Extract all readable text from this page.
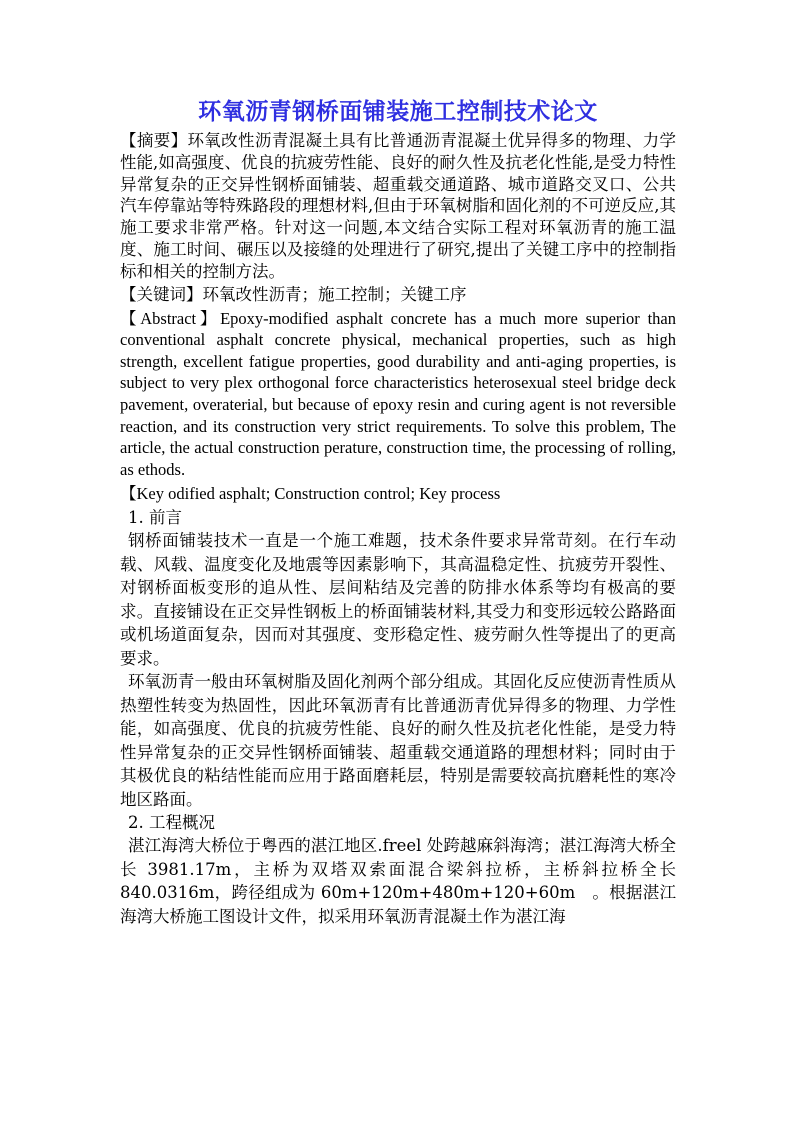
环氧沥青钢桥面铺装施工控制技术论文

【摘要】环氧改性沥青混凝土具有比普通沥青混凝土优异得多的物理、力学性能,如高强度、优良的抗疲劳性能、良好的耐久性及抗老化性能,是受力特性异常复杂的正交异性钢桥面铺装、超重载交通道路、城市道路交叉口、公共汽车停靠站等特殊路段的理想材料,但由于环氧树脂和固化剂的不可逆反应,其施工要求非常严格。针对这一问题,本文结合实际工程对环氧沥青的施工温度、施工时间、碾压以及接缝的处理进行了研究,提出了关键工序中的控制指标和相关的控制方法。

【关键词】环氧改性沥青；施工控制；关键工序

【Abstract】Epoxy-modified asphalt concrete has a much more superior than conventional asphalt concrete physical, mechanical properties, such as high strength, excellent fatigue properties, good durability and anti-aging properties, is subject to very plex orthogonal force characteristics heterosexual steel bridge deck pavement, overaterial, but because of epoxy resin and curing agent is not reversible reaction, and its construction very strict requirements. To solve this problem, The article, the actual construction perature, construction time, the processing of rolling, as ethods.

【Key odified asphalt; Construction control; Key process

1. 前言

钢桥面铺装技术一直是一个施工难题，技术条件要求异常苛刻。在行车动载、风载、温度变化及地震等因素影响下，其高温稳定性、抗疲劳开裂性、对钢桥面板变形的追从性、层间粘结及完善的防排水体系等均有极高的要求。直接铺设在正交异性钢板上的桥面铺装材料,其受力和变形远较公路路面或机场道面复杂，因而对其强度、变形稳定性、疲劳耐久性等提出了的更高要求。

环氧沥青一般由环氧树脂及固化剂两个部分组成。其固化反应使沥青性质从热塑性转变为热固性，因此环氧沥青有比普通沥青优异得多的物理、力学性能，如高强度、优良的抗疲劳性能、良好的耐久性及抗老化性能，是受力特性异常复杂的正交异性钢桥面铺装、超重载交通道路的理想材料；同时由于其极优良的粘结性能而应用于路面磨耗层，特别是需要较高抗磨耗性的寒冷地区路面。

2. 工程概况

湛江海湾大桥位于粤西的湛江地区.freel 处跨越麻斜海湾；湛江海湾大桥全长 3981.17m，主桥为双塔双索面混合梁斜拉桥，主桥斜拉桥全长 840.0316m，跨径组成为 60m+120m+480m+120+60m　。根据湛江海湾大桥施工图设计文件，拟采用环氧沥青混凝土作为湛江海
